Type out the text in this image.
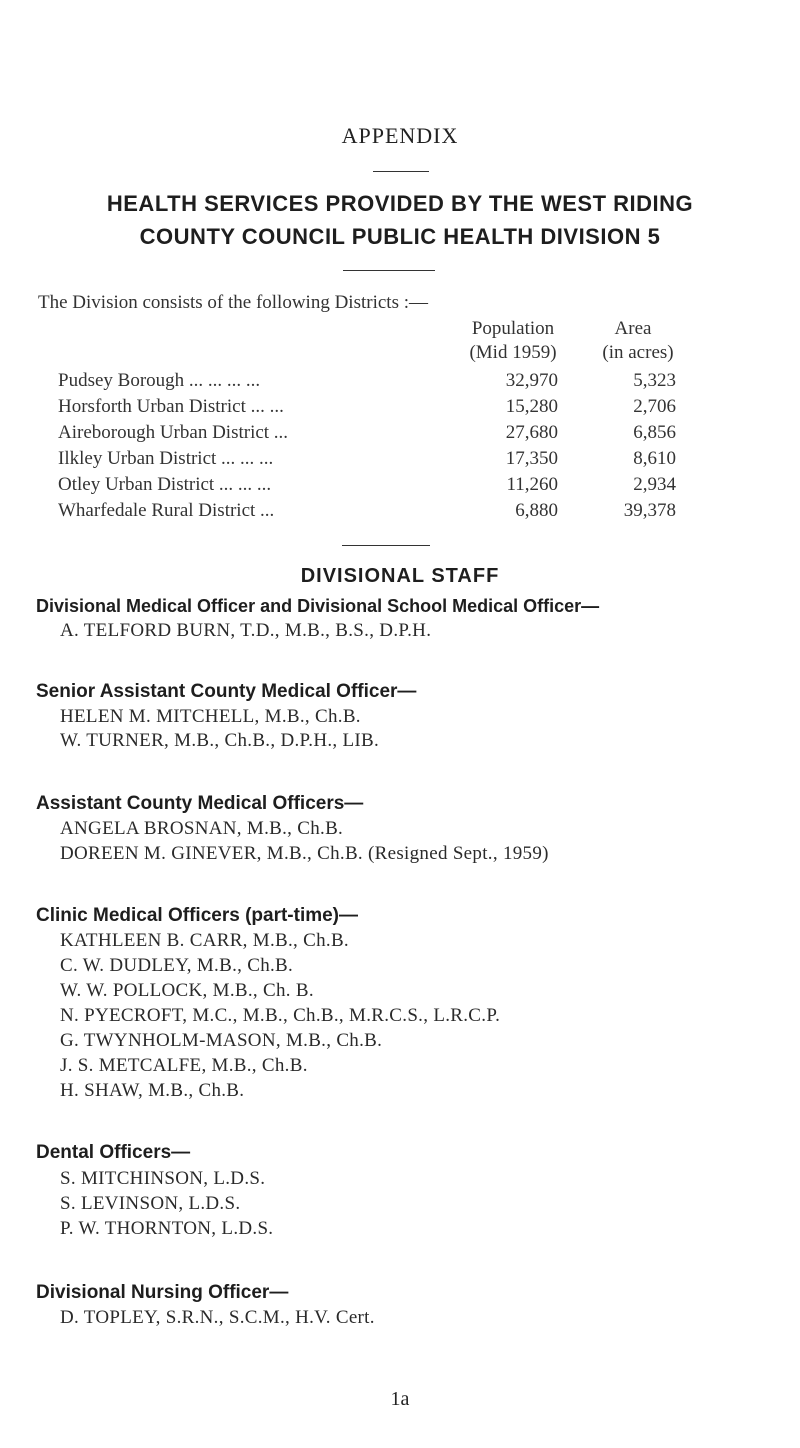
APPENDIX
HEALTH SERVICES PROVIDED BY THE WEST RIDING
COUNTY COUNCIL PUBLIC HEALTH DIVISION 5
The Division consists of the following Districts :—
Population
(Mid 1959)
Area
(in acres)
Pudsey Borough ... ... ... ...	32,970	5,323
Horsforth Urban District ... ...	15,280	2,706
Aireborough Urban District ...	27,680	6,856
Ilkley Urban District ... ... ...	17,350	8,610
Otley Urban District ... ... ...	11,260	2,934
Wharfedale Rural District ...	6,880	39,378
DIVISIONAL STAFF
Divisional Medical Officer and Divisional School Medical Officer—
A. TELFORD BURN, T.D., M.B., B.S., D.P.H.
Senior Assistant County Medical Officer—
HELEN M. MITCHELL, M.B., Ch.B.
W. TURNER, M.B., Ch.B., D.P.H., LIB.
Assistant County Medical Officers—
ANGELA BROSNAN, M.B., Ch.B.
DOREEN M. GINEVER, M.B., Ch.B. (Resigned Sept., 1959)
Clinic Medical Officers (part-time)—
KATHLEEN B. CARR, M.B., Ch.B.
C. W. DUDLEY, M.B., Ch.B.
W. W. POLLOCK, M.B., Ch. B.
N. PYECROFT, M.C., M.B., Ch.B., M.R.C.S., L.R.C.P.
G. TWYNHOLM-MASON, M.B., Ch.B.
J. S. METCALFE, M.B., Ch.B.
H. SHAW, M.B., Ch.B.
Dental Officers—
S. MITCHINSON, L.D.S.
S. LEVINSON, L.D.S.
P. W. THORNTON, L.D.S.
Divisional Nursing Officer—
D. TOPLEY, S.R.N., S.C.M., H.V. Cert.
1a
